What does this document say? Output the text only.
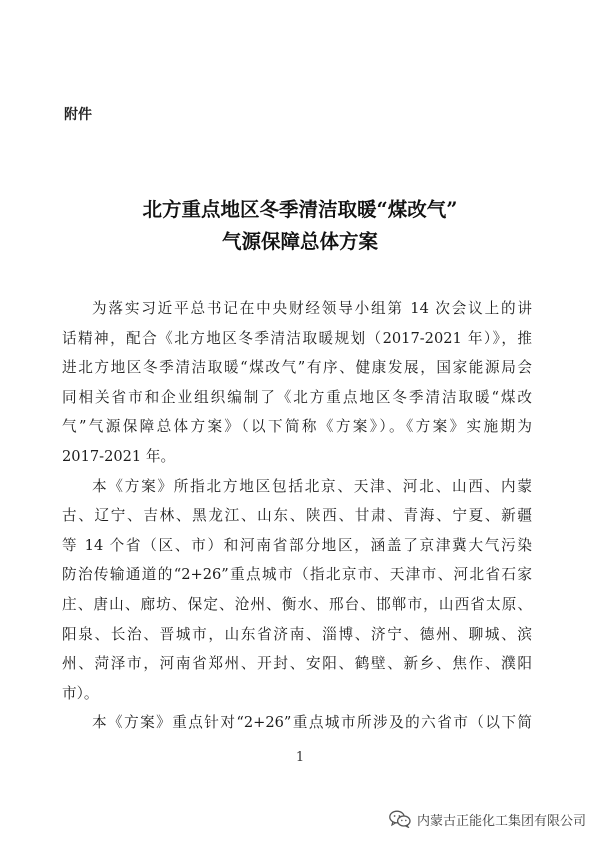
附件
北方重点地区冬季清洁取暖“煤改气”
气源保障总体方案
为落实习近平总书记在中央财经领导小组第 14 次会议上的讲
话精神，配合《北方地区冬季清洁取暖规划（2017-2021 年）》，推
进北方地区冬季清洁取暖“煤改气”有序、健康发展，国家能源局会
同相关省市和企业组织编制了《北方重点地区冬季清洁取暖“煤改
气”气源保障总体方案》（以下简称《方案》）。《方案》实施期为
2017-2021 年。
本《方案》所指北方地区包括北京、天津、河北、山西、内蒙
古、辽宁、吉林、黑龙江、山东、陕西、甘肃、青海、宁夏、新疆
等 14 个省（区、市）和河南省部分地区，涵盖了京津冀大气污染
防治传输通道的“2+26”重点城市（指北京市、天津市、河北省石家
庄、唐山、廊坊、保定、沧州、衡水、邢台、邯郸市，山西省太原、
阳泉、长治、晋城市，山东省济南、淄博、济宁、德州、聊城、滨
州、菏泽市，河南省郑州、开封、安阳、鹤壁、新乡、焦作、濮阳
市）。
本《方案》重点针对“2+26”重点城市所涉及的六省市（以下简
1
内蒙古正能化工集团有限公司
